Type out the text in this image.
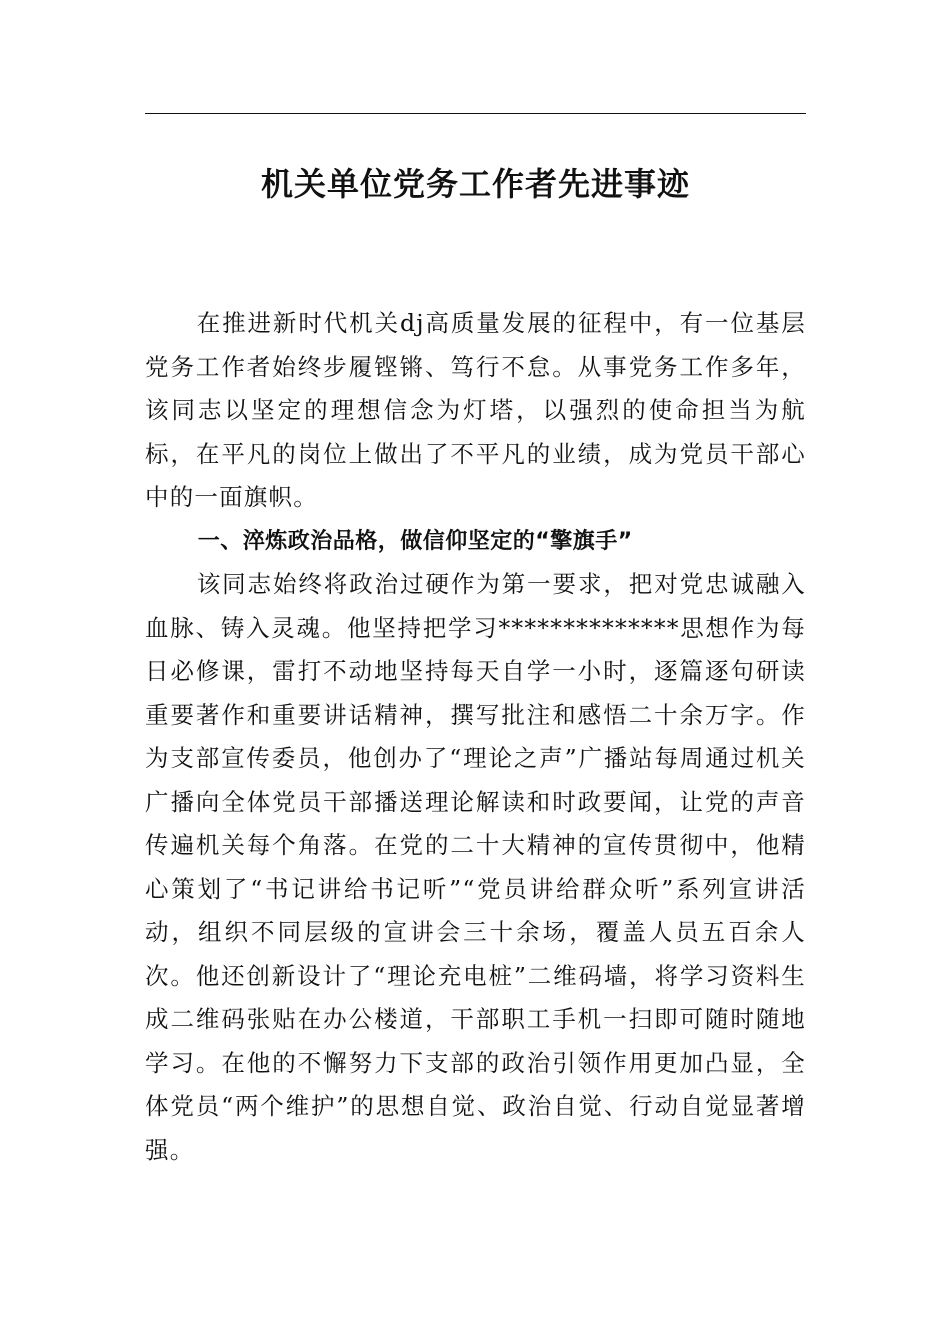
机关单位党务工作者先进事迹

在推进新时代机关dj高质量发展的征程中，有一位基层党务工作者始终步履铿锵、笃行不怠。从事党务工作多年，该同志以坚定的理想信念为灯塔，以强烈的使命担当为航标，在平凡的岗位上做出了不平凡的业绩，成为党员干部心中的一面旗帜。

一、淬炼政治品格，做信仰坚定的“擎旗手”

该同志始终将政治过硬作为第一要求，把对党忠诚融入血脉、铸入灵魂。他坚持把学习**************思想作为每日必修课，雷打不动地坚持每天自学一小时，逐篇逐句研读重要著作和重要讲话精神，撰写批注和感悟二十余万字。作为支部宣传委员，他创办了“理论之声”广播站每周通过机关广播向全体党员干部播送理论解读和时政要闻，让党的声音传遍机关每个角落。在党的二十大精神的宣传贯彻中，他精心策划了“书记讲给书记听”“党员讲给群众听”系列宣讲活动，组织不同层级的宣讲会三十余场，覆盖人员五百余人次。他还创新设计了“理论充电桩”二维码墙，将学习资料生成二维码张贴在办公楼道，干部职工手机一扫即可随时随地学习。在他的不懈努力下支部的政治引领作用更加凸显，全体党员“两个维护”的思想自觉、政治自觉、行动自觉显著增强。
